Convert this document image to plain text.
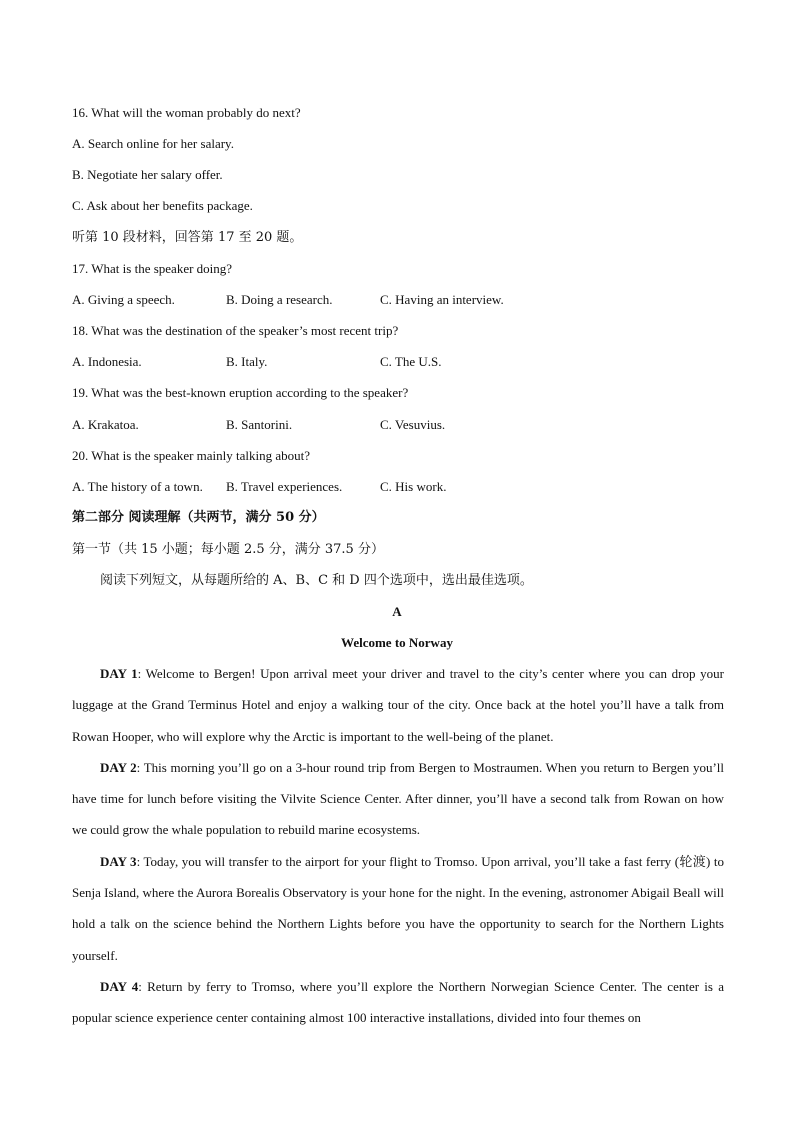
16. What will the woman probably do next?
A. Search online for her salary.
B. Negotiate her salary offer.
C. Ask about her benefits package.
听第 10 段材料，回答第 17 至 20 题。
17. What is the speaker doing?
A. Giving a speech.	B. Doing a research.	C. Having an interview.
18. What was the destination of the speaker’s most recent trip?
A. Indonesia.	B. Italy.	C. The U.S.
19. What was the best-known eruption according to the speaker?
A. Krakatoa.	B. Santorini.	C. Vesuvius.
20. What is the speaker mainly talking about?
A. The history of a town. B. Travel experiences.	C. His work.
第二部分 阅读理解（共两节，满分 50 分）
第一节（共 15 小题；每小题 2.5 分，满分 37.5 分）
阅读下列短文，从每题所给的 A、B、C 和 D 四个选项中，选出最佳选项。
A
Welcome to Norway

DAY 1: Welcome to Bergen! Upon arrival meet your driver and travel to the city’s center where you can drop your luggage at the Grand Terminus Hotel and enjoy a walking tour of the city. Once back at the hotel you’ll have a talk from Rowan Hooper, who will explore why the Arctic is important to the well-being of the planet.

DAY 2: This morning you’ll go on a 3-hour round trip from Bergen to Mostraumen. When you return to Bergen you’ll have time for lunch before visiting the Vilvite Science Center. After dinner, you’ll have a second talk from Rowan on how we could grow the whale population to rebuild marine ecosystems.

DAY 3: Today, you will transfer to the airport for your flight to Tromso. Upon arrival, you’ll take a fast ferry (轮渡) to Senja Island, where the Aurora Borealis Observatory is your hone for the night. In the evening, astronomer Abigail Beall will hold a talk on the science behind the Northern Lights before you have the opportunity to search for the Northern Lights yourself.

DAY 4: Return by ferry to Tromso, where you’ll explore the Northern Norwegian Science Center. The center is a popular science experience center containing almost 100 interactive installations, divided into four themes on
